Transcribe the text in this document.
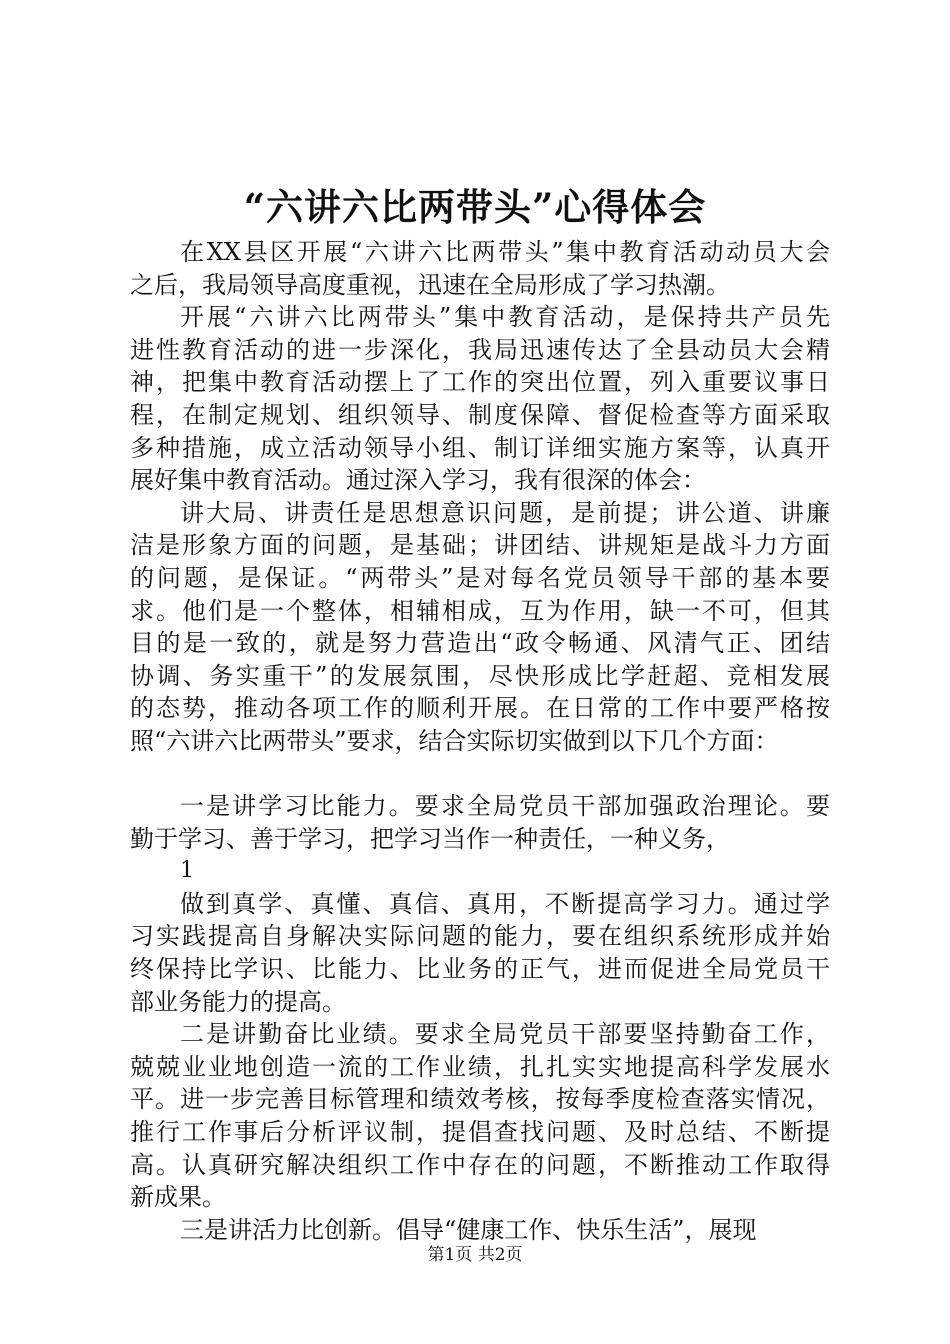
“六讲六比两带头”心得体会
在XX县区开展“六讲六比两带头”集中教育活动动员大会
之后，我局领导高度重视，迅速在全局形成了学习热潮。
开展“六讲六比两带头”集中教育活动，是保持共产员先
进性教育活动的进一步深化，我局迅速传达了全县动员大会精
神，把集中教育活动摆上了工作的突出位置，列入重要议事日
程，在制定规划、组织领导、制度保障、督促检查等方面采取
多种措施，成立活动领导小组、制订详细实施方案等，认真开
展好集中教育活动。通过深入学习，我有很深的体会：
讲大局、讲责任是思想意识问题，是前提；讲公道、讲廉
洁是形象方面的问题，是基础；讲团结、讲规矩是战斗力方面
的问题，是保证。“两带头”是对每名党员领导干部的基本要
求。他们是一个整体，相辅相成，互为作用，缺一不可，但其
目的是一致的，就是努力营造出“政令畅通、风清气正、团结
协调、务实重干”的发展氛围，尽快形成比学赶超、竞相发展
的态势，推动各项工作的顺利开展。在日常的工作中要严格按
照“六讲六比两带头”要求，结合实际切实做到以下几个方面：
一是讲学习比能力。要求全局党员干部加强政治理论。要
勤于学习、善于学习，把学习当作一种责任，一种义务，
1
做到真学、真懂、真信、真用，不断提高学习力。通过学
习实践提高自身解决实际问题的能力，要在组织系统形成并始
终保持比学识、比能力、比业务的正气，进而促进全局党员干
部业务能力的提高。
二是讲勤奋比业绩。要求全局党员干部要坚持勤奋工作，
兢兢业业地创造一流的工作业绩，扎扎实实地提高科学发展水
平。进一步完善目标管理和绩效考核，按每季度检查落实情况，
推行工作事后分析评议制，提倡查找问题、及时总结、不断提
高。认真研究解决组织工作中存在的问题，不断推动工作取得
新成果。
三是讲活力比创新。倡导“健康工作、快乐生活”，展现
第1页 共2页
